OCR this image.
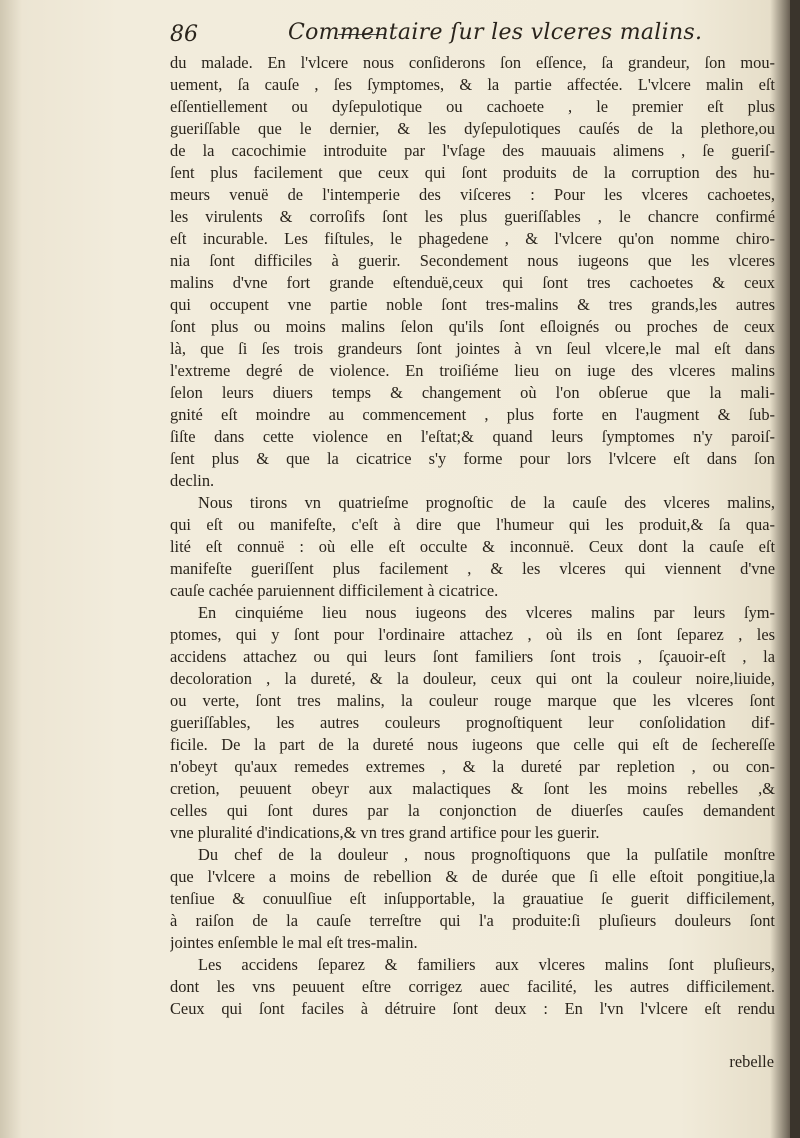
86	Commentaire ſur les vlceres malins.
du malade. En l'vlcere nous conſiderons ſon eſſence, ſa grandeur, ſon mou-
uement, ſa cauſe , ſes ſymptomes, & la partie affectée. L'vlcere malin eſt
eſſentiellement ou dyſepulotique ou cachoete , le premier eſt plus
gueriſſable que le dernier, & les dyſepulotiques cauſés de la plethore,ou
de la cacochimie introduite par l'vſage des mauuais alimens , ſe gueriſ-
ſent plus facilement que ceux qui ſont produits de la corruption des hu-
meurs venuë de l'intemperie des viſceres : Pour les vlceres cachoetes,
les virulents & corroſifs ſont les plus gueriſſables , le chancre confirmé
eſt incurable. Les fiſtules, le phagedene , & l'vlcere qu'on nomme chiro-
nia ſont difficiles à guerir. Secondement nous iugeons que les vlceres
malins d'vne fort grande eſtenduë,ceux qui ſont tres cachoetes & ceux
qui occupent vne partie noble ſont tres-malins & tres grands,les autres
ſont plus ou moins malins ſelon qu'ils ſont eſloignés ou proches de ceux
là, que ſi ſes trois grandeurs ſont jointes à vn ſeul vlcere,le mal eſt dans
l'extreme degré de violence. En troiſiéme lieu on iuge des vlceres malins
ſelon leurs diuers temps & changement où l'on obſerue que la mali-
gnité eſt moindre au commencement , plus forte en l'augment & ſub-
ſiſte dans cette violence en l'eſtat;& quand leurs ſymptomes n'y paroiſ-
ſent plus & que la cicatrice s'y forme pour lors l'vlcere eſt dans ſon
declin.
Nous tirons vn quatrieſme prognoſtic de la cauſe des vlceres malins,
qui eſt ou manifeſte, c'eſt à dire que l'humeur qui les produit,& ſa qua-
lité eſt connuë : où elle eſt occulte & inconnuë. Ceux dont la cauſe eſt
manifeſte gueriſſent plus facilement , & les vlceres qui viennent d'vne
cauſe cachée paruiennent difficilement à cicatrice.
En cinquiéme lieu nous iugeons des vlceres malins par leurs ſym-
ptomes, qui y ſont pour l'ordinaire attachez , où ils en ſont ſeparez , les
accidens attachez ou qui leurs ſont familiers ſont trois , ſçauoir-eſt , la
decoloration , la dureté, & la douleur, ceux qui ont la couleur noire,liuide,
ou verte, ſont tres malins, la couleur rouge marque que les vlceres ſont
gueriſſables, les autres couleurs prognoſtiquent leur conſolidation dif-
ficile. De la part de la dureté nous iugeons que celle qui eſt de ſechereſſe
n'obeyt qu'aux remedes extremes , & la dureté par repletion , ou con-
cretion, peuuent obeyr aux malactiques & ſont les moins rebelles ,&
celles qui ſont dures par la conjonction de diuerſes cauſes demandent
vne pluralité d'indications,& vn tres grand artifice pour les guerir.
Du chef de la douleur , nous prognoſtiquons que la pulſatile monſtre
que l'vlcere a moins de rebellion & de durée que ſi elle eſtoit pongitiue,la
tenſiue & conuulſiue eſt inſupportable, la grauatiue ſe guerit difficilement,
à raiſon de la cauſe terreſtre qui l'a produite:ſi pluſieurs douleurs ſont
jointes enſemble le mal eſt tres-malin.
Les accidens ſeparez & familiers aux vlceres malins ſont pluſieurs,
dont les vns peuuent eſtre corrigez auec facilité, les autres difficilement.
Ceux qui ſont faciles à détruire ſont deux : En l'vn l'vlcere eſt rendu
rebelle
